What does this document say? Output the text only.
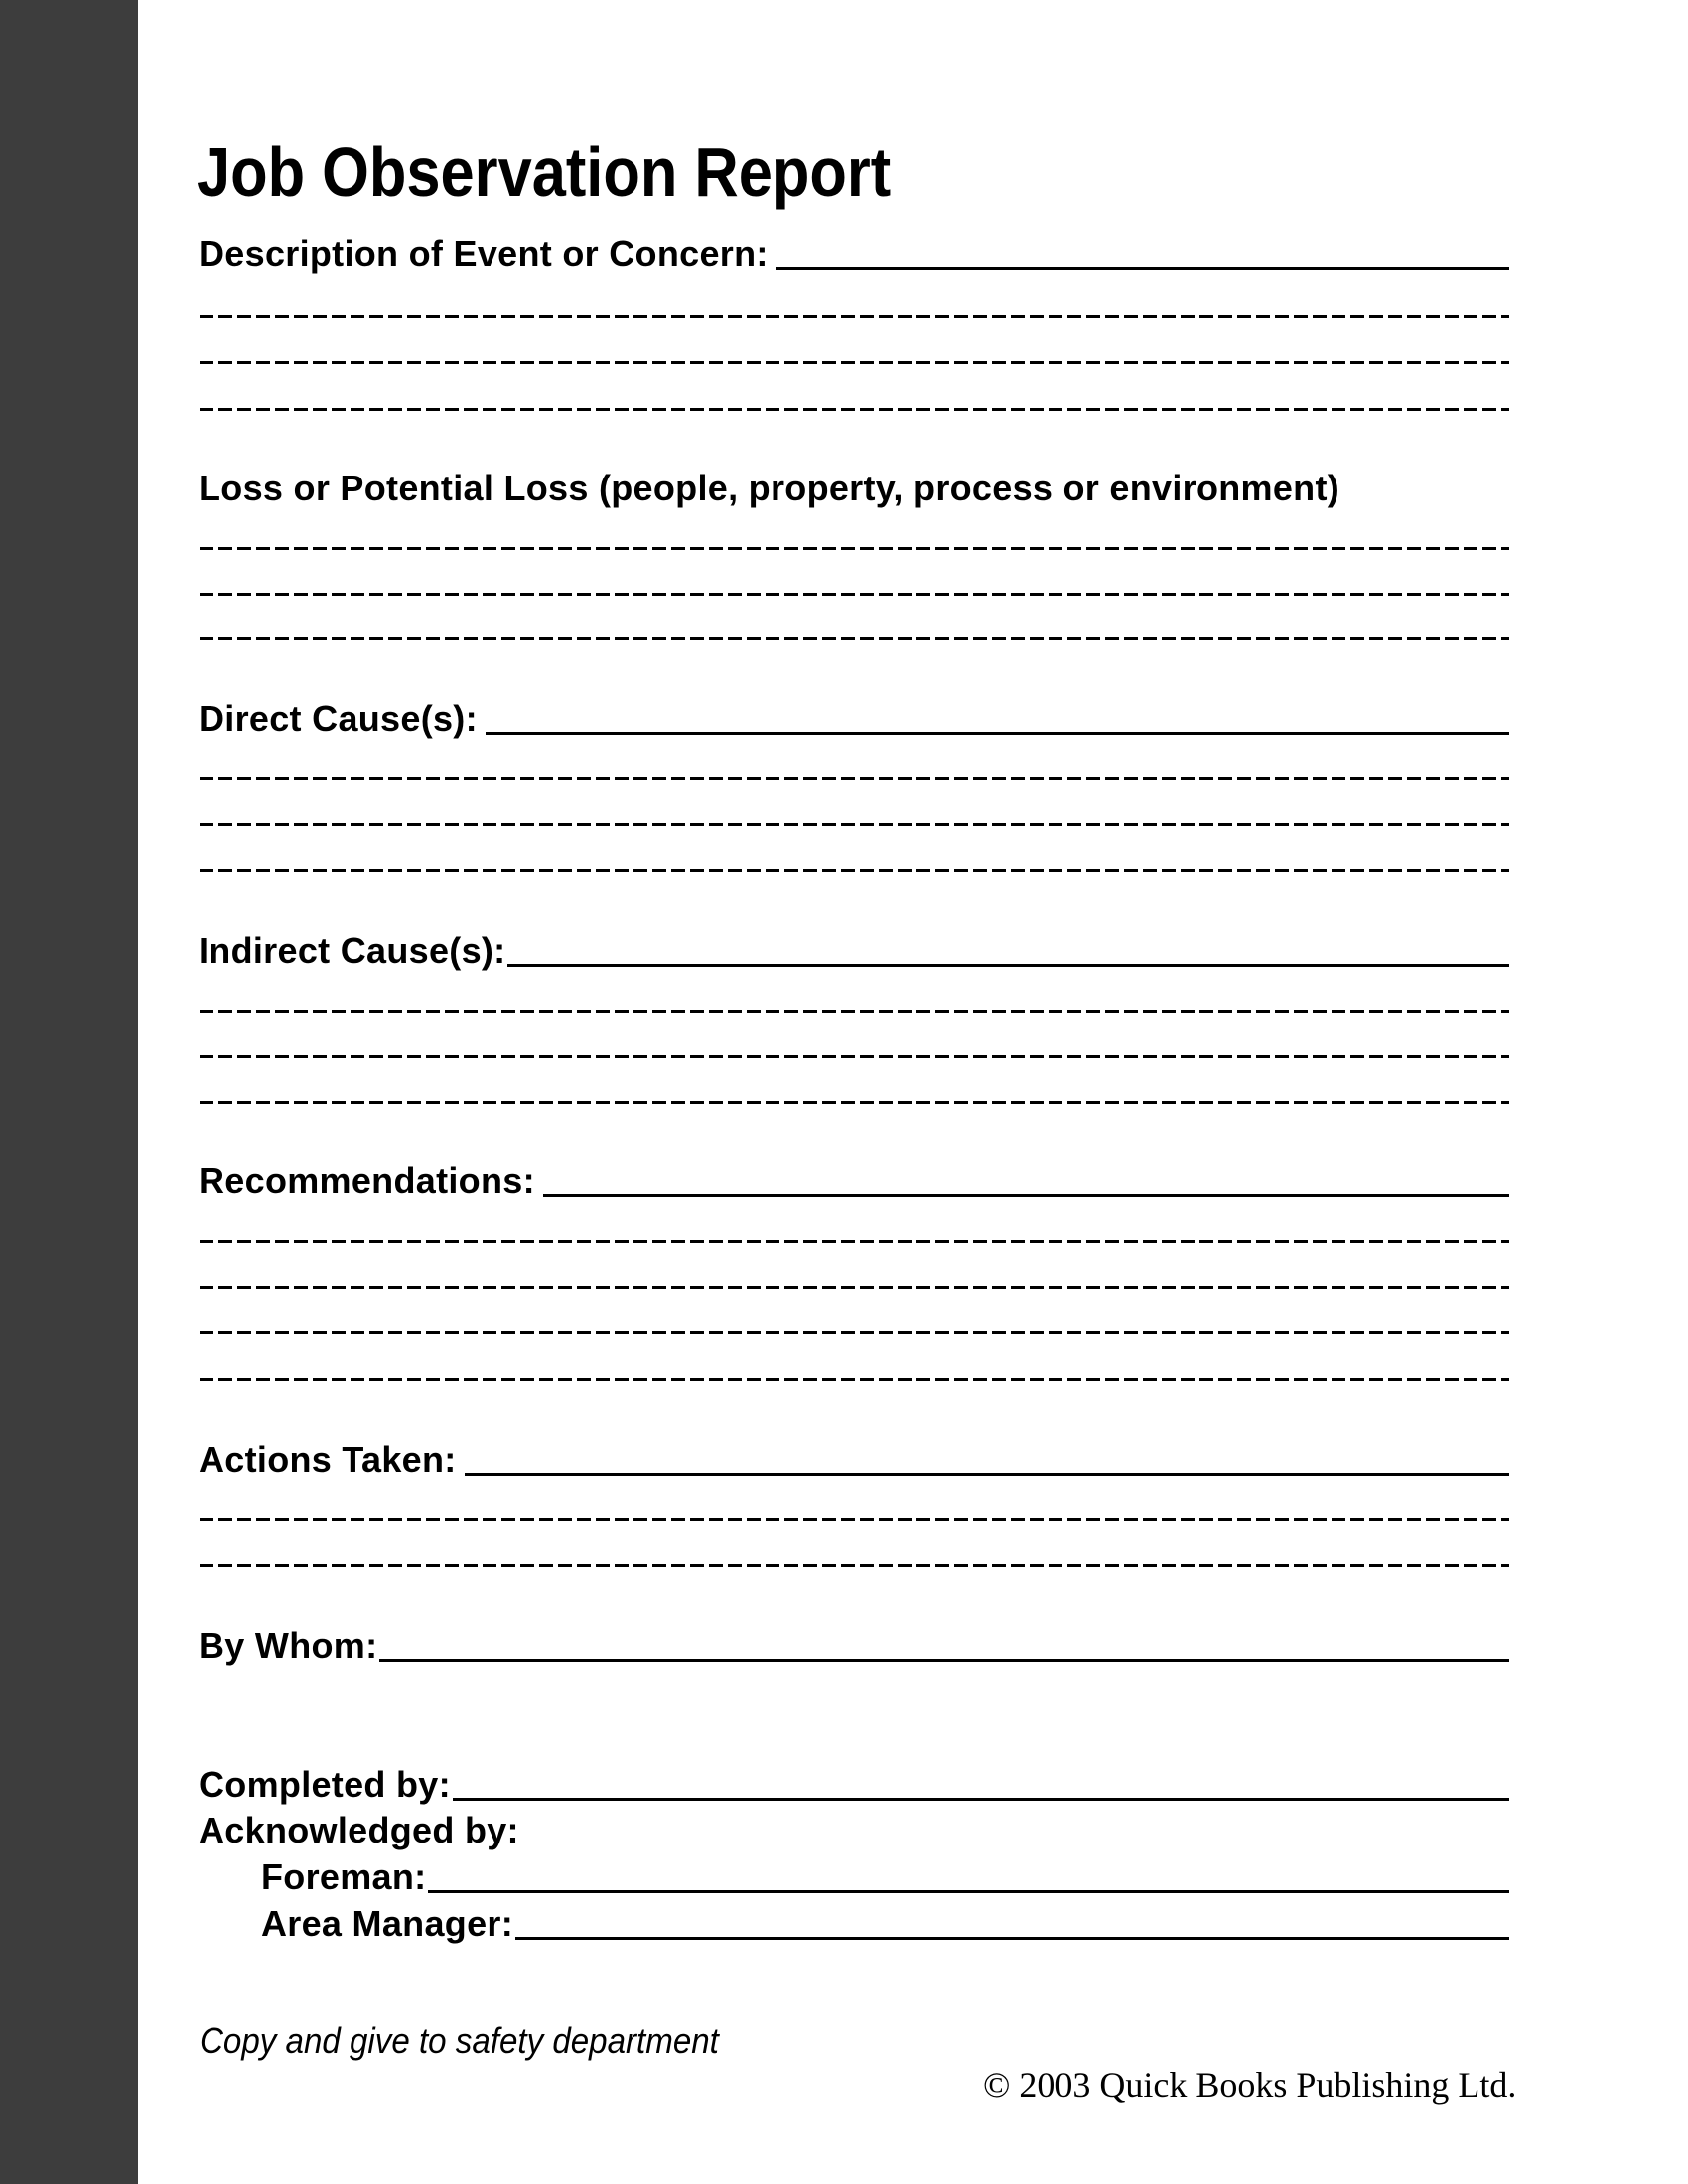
Job Observation Report
Description of Event or Concern:
Loss or Potential Loss (people, property, process or environment)
Direct Cause(s):
Indirect Cause(s):
Recommendations:
Actions Taken:
By Whom:
Completed by:
Acknowledged by:
Foreman:
Area Manager:
Copy and give to safety department
© 2003 Quick Books Publishing Ltd.
